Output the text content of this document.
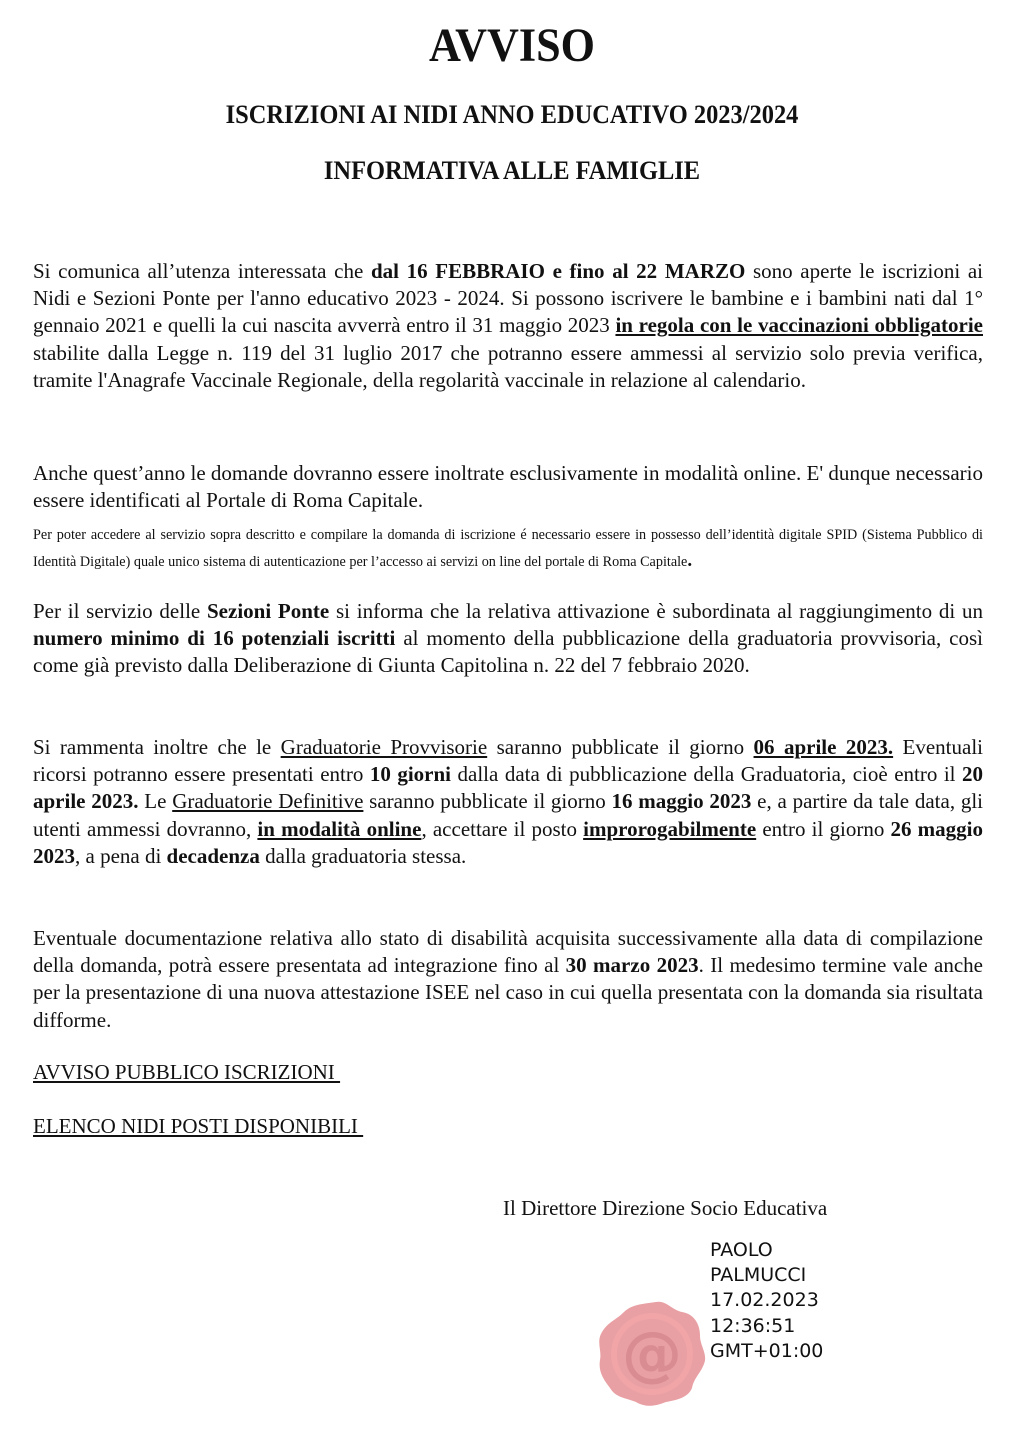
AVVISO
ISCRIZIONI AI NIDI ANNO EDUCATIVO 2023/2024
INFORMATIVA ALLE FAMIGLIE

Si comunica all’utenza interessata che dal 16 FEBBRAIO e fino al 22 MARZO sono aperte le iscrizioni ai Nidi e Sezioni Ponte per l'anno educativo 2023 - 2024. Si possono iscrivere le bambine e i bambini nati dal 1° gennaio 2021 e quelli la cui nascita avverrà entro il 31 maggio 2023 in regola con le vaccinazioni obbligatorie stabilite dalla Legge n. 119 del 31 luglio 2017 che potranno essere ammessi al servizio solo previa verifica, tramite l'Anagrafe Vaccinale Regionale, della regolarità vaccinale in relazione al calendario.

Anche quest’anno le domande dovranno essere inoltrate esclusivamente in modalità online. E' dunque necessario essere identificati al Portale di Roma Capitale.

Per poter accedere al servizio sopra descritto e compilare la domanda di iscrizione é necessario essere in possesso dell’identità digitale SPID (Sistema Pubblico di Identità Digitale) quale unico sistema di autenticazione per l’accesso ai servizi on line del portale di Roma Capitale.

Per il servizio delle Sezioni Ponte si informa che la relativa attivazione è subordinata al raggiungimento di un numero minimo di 16 potenziali iscritti al momento della pubblicazione della graduatoria provvisoria, così come già previsto dalla Deliberazione di Giunta Capitolina n. 22 del 7 febbraio 2020.

Si rammenta inoltre che le Graduatorie Provvisorie saranno pubblicate il giorno 06 aprile 2023. Eventuali ricorsi potranno essere presentati entro 10 giorni dalla data di pubblicazione della Graduatoria, cioè entro il 20 aprile 2023. Le Graduatorie Definitive saranno pubblicate il giorno 16 maggio 2023 e, a partire da tale data, gli utenti ammessi dovranno, in modalità online, accettare il posto improrogabilmente entro il giorno 26 maggio 2023, a pena di decadenza dalla graduatoria stessa.

Eventuale documentazione relativa allo stato di disabilità acquisita successivamente alla data di compilazione della domanda, potrà essere presentata ad integrazione fino al 30 marzo 2023. Il medesimo termine vale anche per la presentazione di una nuova attestazione ISEE nel caso in cui quella presentata con la domanda sia risultata difforme.

AVVISO PUBBLICO ISCRIZIONI
ELENCO NIDI POSTI DISPONIBILI

Il Direttore Direzione Socio Educativa

@
PAOLO
PALMUCCI
17.02.2023
12:36:51
GMT+01:00
